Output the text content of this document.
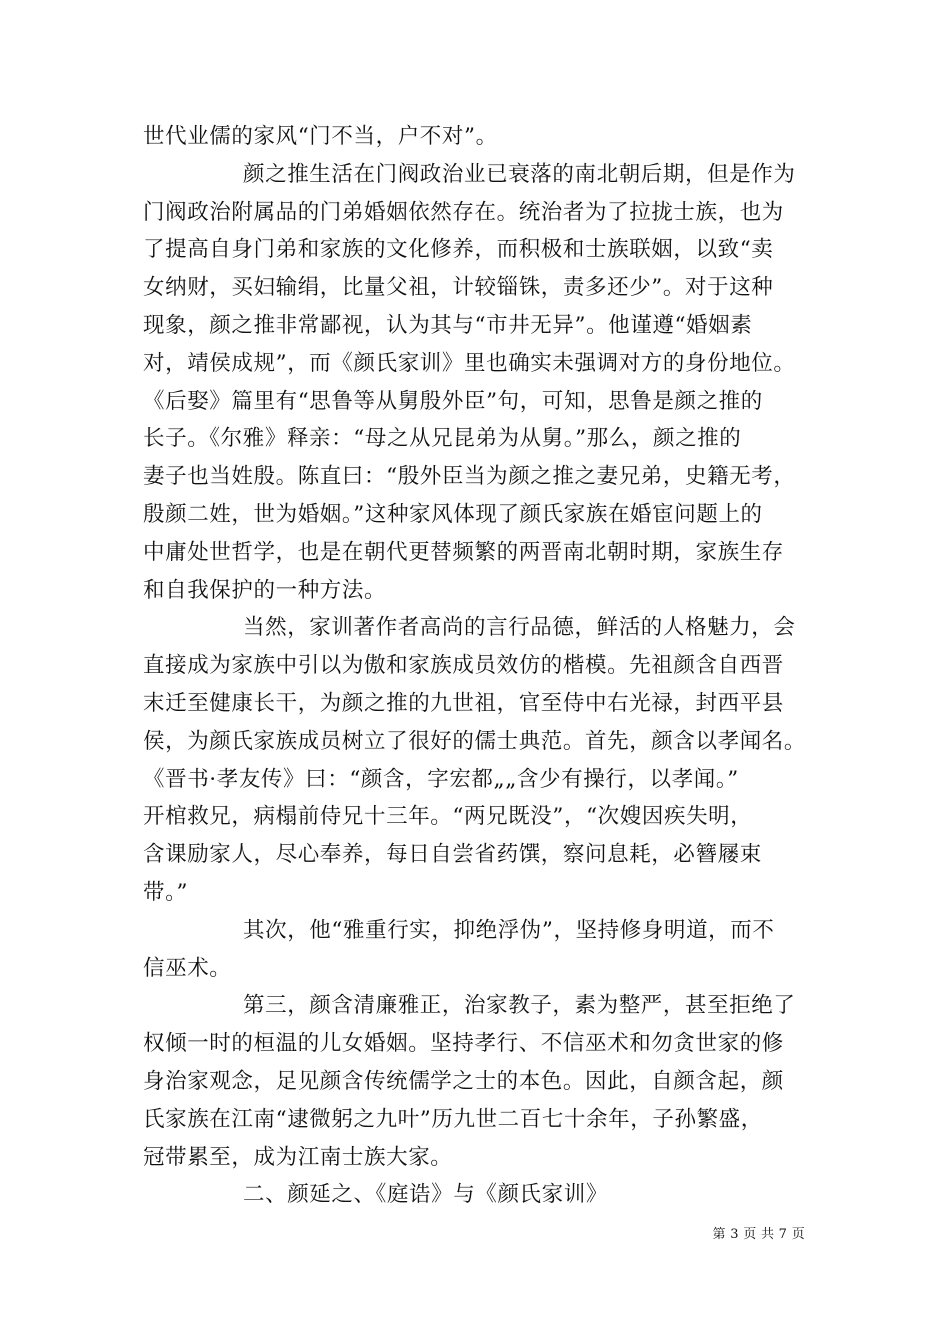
世代业儒的家风“门不当，户不对”。
颜之推生活在门阀政治业已衰落的南北朝后期，但是作为
门阀政治附属品的门弟婚姻依然存在。统治者为了拉拢士族，也为
了提高自身门弟和家族的文化修养，而积极和士族联姻，以致“卖
女纳财，买妇输绢，比量父祖，计较锱铢，责多还少”。对于这种
现象，颜之推非常鄙视，认为其与“市井无异”。他谨遵“婚姻素
对，靖侯成规”，而《颜氏家训》里也确实未强调对方的身份地位。
《后娶》篇里有“思鲁等从舅殷外臣”句，可知，思鲁是颜之推的
长子。《尔雅》释亲：“母之从兄昆弟为从舅。”那么，颜之推的
妻子也当姓殷。陈直曰：“殷外臣当为颜之推之妻兄弟，史籍无考，
殷颜二姓，世为婚姻。”这种家风体现了颜氏家族在婚宦问题上的
中庸处世哲学，也是在朝代更替频繁的两晋南北朝时期，家族生存
和自我保护的一种方法。
当然，家训著作者高尚的言行品德，鲜活的人格魅力，会
直接成为家族中引以为傲和家族成员效仿的楷模。先祖颜含自西晋
末迁至健康长干，为颜之推的九世祖，官至侍中右光禄，封西平县
侯，为颜氏家族成员树立了很好的儒士典范。首先，颜含以孝闻名。
《晋书·孝友传》曰：“颜含，字宏都„„含少有操行，以孝闻。”
开棺救兄，病榻前侍兄十三年。“两兄既没”，“次嫂因疾失明，
含课励家人，尽心奉养，每日自尝省药馔，察问息耗，必簪屦束
带。”
其次，他“雅重行实，抑绝浮伪”，坚持修身明道，而不
信巫术。
第三，颜含清廉雅正，治家教子，素为整严，甚至拒绝了
权倾一时的桓温的儿女婚姻。坚持孝行、不信巫术和勿贪世家的修
身治家观念，足见颜含传统儒学之士的本色。因此，自颜含起，颜
氏家族在江南“逮微躬之九叶”历九世二百七十余年，子孙繁盛，
冠带累至，成为江南士族大家。
二、颜延之、《庭诰》与《颜氏家训》
第 3 页 共 7 页
